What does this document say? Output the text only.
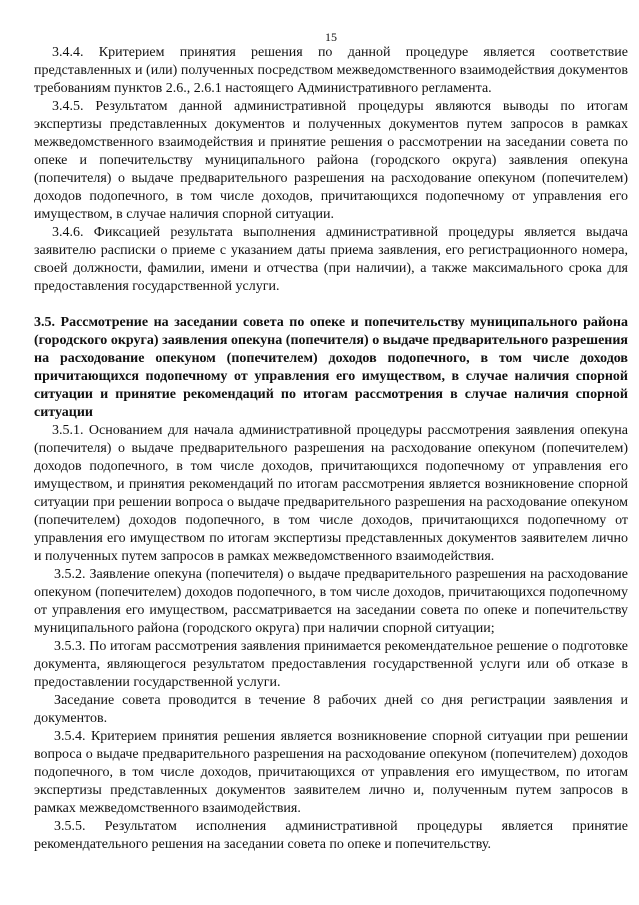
15

3.4.4. Критерием принятия решения по данной процедуре является соответствие представленных и (или) полученных посредством межведомственного взаимодействия документов требованиям пунктов 2.6., 2.6.1 настоящего Административного регламента.

3.4.5. Результатом данной административной процедуры являются выводы по итогам экспертизы представленных документов и полученных документов путем запросов в рамках межведомственного взаимодействия и принятие решения о рассмотрении на заседании совета по опеке и попечительству муниципального района (городского округа) заявления опекуна (попечителя) о выдаче предварительного разрешения на расходование опекуном (попечителем) доходов подопечного, в том числе доходов, причитающихся подопечному от управления его имуществом, в случае наличия спорной ситуации.

3.4.6. Фиксацией результата выполнения административной процедуры является выдача заявителю расписки о приеме с указанием даты приема заявления, его регистрационного номера, своей должности, фамилии, имени и отчества (при наличии), а также максимального срока для предоставления государственной услуги.

3.5. Рассмотрение на заседании совета по опеке и попечительству муниципального района (городского округа) заявления опекуна (попечителя) о выдаче предварительного разрешения на расходование опекуном (попечителем) доходов подопечного, в том числе доходов причитающихся подопечному от управления его имуществом, в случае наличия спорной ситуации и принятие рекомендаций по итогам рассмотрения в случае наличия спорной ситуации

3.5.1. Основанием для начала административной процедуры рассмотрения заявления опекуна (попечителя) о выдаче предварительного разрешения на расходование опекуном (попечителем) доходов подопечного, в том числе доходов, причитающихся подопечному от управления его имуществом, и принятия рекомендаций по итогам рассмотрения является возникновение спорной ситуации при решении вопроса о выдаче предварительного разрешения на расходование опекуном (попечителем) доходов подопечного, в том числе доходов, причитающихся подопечному от управления его имуществом по итогам экспертизы представленных документов заявителем лично и полученных путем запросов в рамках межведомственного взаимодействия.

3.5.2. Заявление опекуна (попечителя) о выдаче предварительного разрешения на расходование опекуном (попечителем) доходов подопечного, в том числе доходов, причитающихся подопечному от управления его имуществом, рассматривается на заседании совета по опеке и попечительству муниципального района (городского округа) при наличии спорной ситуации;

3.5.3. По итогам рассмотрения заявления принимается рекомендательное решение о подготовке документа, являющегося результатом предоставления государственной услуги или об отказе в предоставлении государственной услуги.

Заседание совета проводится в течение 8 рабочих дней со дня регистрации заявления и документов.

3.5.4. Критерием принятия решения является возникновение спорной ситуации при решении вопроса о выдаче предварительного разрешения на расходование опекуном (попечителем) доходов подопечного, в том числе доходов, причитающихся от управления его имуществом, по итогам экспертизы представленных документов заявителем лично и, полученным путем запросов в рамках межведомственного взаимодействия.

3.5.5. Результатом исполнения административной процедуры является принятие рекомендательного решения на заседании совета по опеке и попечительству.
